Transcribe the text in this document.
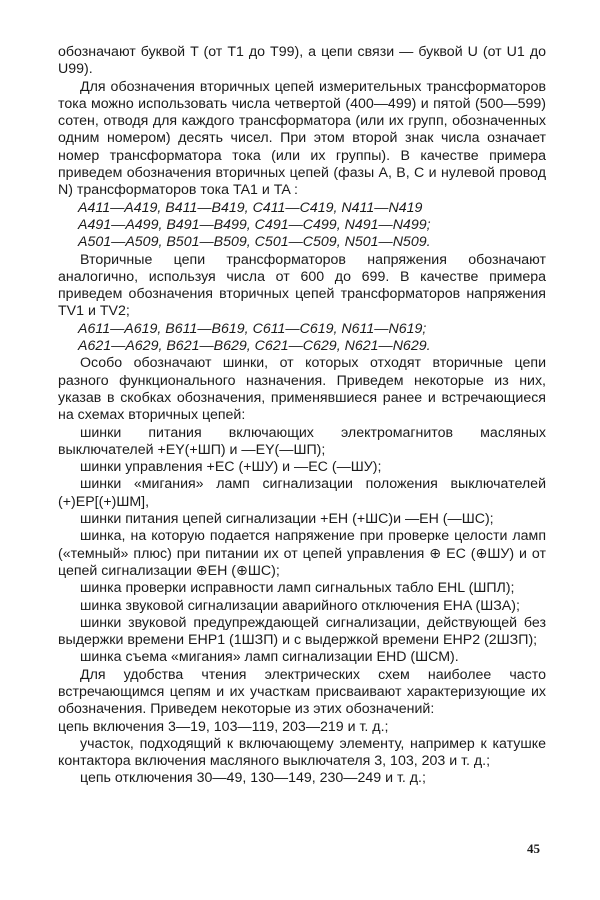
обозначают буквой T (от T1 до T99), а цепи связи — буквой U (от U1 до U99).

Для обозначения вторичных цепей измерительных трансформаторов тока можно использовать числа четвертой (400—499) и пятой (500—599) сотен, отводя для каждого трансформатора (или их групп, обозначенных одним номером) десять чисел. При этом второй знак числа означает номер трансформатора тока (или их группы). В качестве примера приведем обозначения вторичных цепей (фазы A, B, C и нулевой провод N) трансформаторов тока TA1 и TA :

A411—A419, B411—B419, C411—C419, N411—N419
A491—A499, B491—B499, C491—C499, N491—N499;
A501—A509, B501—B509, C501—C509, N501—N509.

Вторичные цепи трансформаторов напряжения обозначают аналогично, используя числа от 600 до 699. В качестве примера приведем обозначения вторичных цепей трансформаторов напряжения TV1 и TV2;

A611—A619, B611—B619, C611—C619, N611—N619;
A621—A629, B621—B629, C621—C629, N621—N629.

Особо обозначают шинки, от которых отходят вторичные цепи разного функционального назначения. Приведем некоторые из них, указав в скобках обозначения, применявшиеся ранее и встречающиеся на схемах вторичных цепей:

шинки питания включающих электромагнитов масляных выключателей +EY(+ШП) и —EY(—ШП);

шинки управления +EC (+ШУ) и —EC (—ШУ);

шинки «мигания» ламп сигнализации положения выключателей (+)EP[(+)ШМ],

шинки питания цепей сигнализации +EH (+ШС)и —EH (—ШС);

шинка, на которую подается напряжение при проверке целости ламп («темный» плюс) при питании их от цепей управления ⊕ EC (⊕ШУ) и от цепей сигнализации ⊕EH (⊕ШС);

шинка проверки исправности ламп сигнальных табло EHL (ШПЛ);

шинка звуковой сигнализации аварийного отключения EHA (ШЗА);

шинки звуковой предупреждающей сигнализации, действующей без выдержки времени EHP1 (1ШЗП) и с выдержкой времени EHP2 (2ШЗП);

шинка съема «мигания» ламп сигнализации EHD (ШСМ).

Для удобства чтения электрических схем наиболее часто встречающимся цепям и их участкам присваивают характеризующие их обозначения. Приведем некоторые из этих обозначений:

цепь включения 3—19, 103—119, 203—219 и т. д.;

участок, подходящий к включающему элементу, например к катушке контактора включения масляного выключателя 3, 103, 203 и т. д.;

цепь отключения 30—49, 130—149, 230—249 и т. д.;

45
